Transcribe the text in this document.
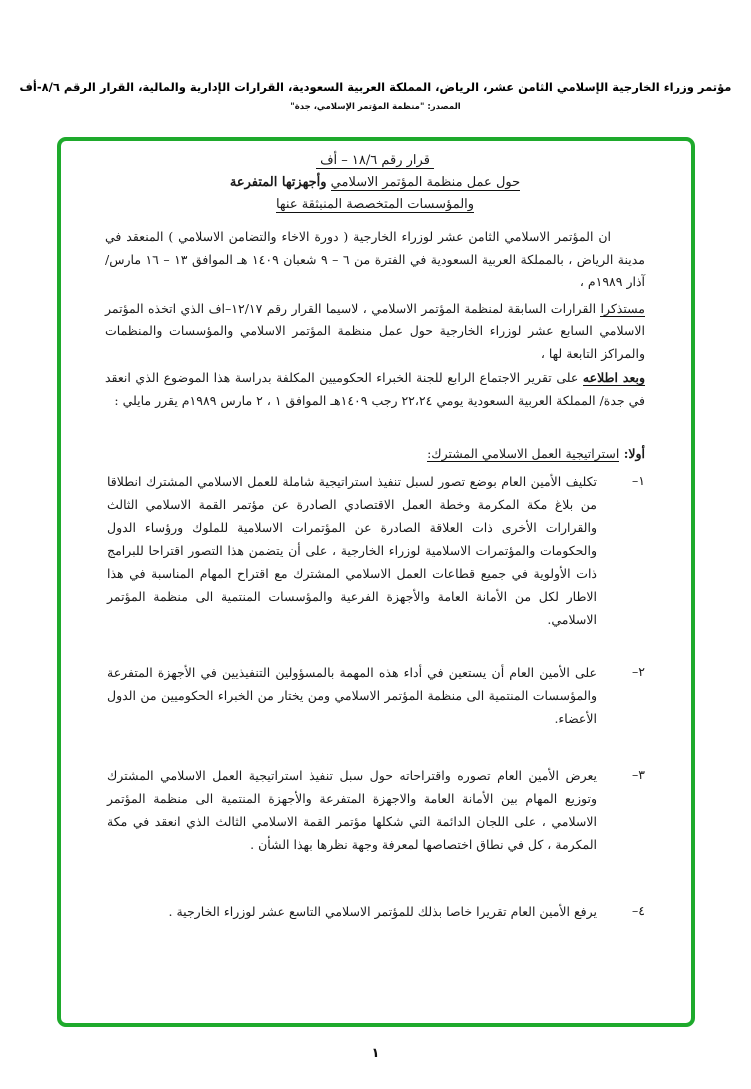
مؤتمر وزراء الخارجية الإسلامي الثامن عشر، الرياض، المملكة العربية السعودية، القرارات الإدارية والمالية، القرار الرقم ٨/٦-أف
المصدر: "منظمة المؤتمر الإسلامي، جدة"
قرار رقم ١٨/٦ – أف
حول عمل منظمة المؤتمر الاسلامي وأجهزتها المتفرعة
والمؤسسات المتخصصة المنبثقة عنها
ان المؤتمر الاسلامي الثامن عشر لوزراء الخارجية ( دورة الاخاء والتضامن الاسلامي ) المنعقد في مدينة الرياض ، بالمملكة العربية السعودية في الفترة من ٦ – ٩ شعبان ١٤٠٩ هـ الموافق ١٣ – ١٦ مارس/ آذار ١٩٨٩م ،
مستذكرا القرارات السابقة لمنظمة المؤتمر الاسلامي ، لاسيما القرار رقم ١٢/١٧–اف الذي اتخذه المؤتمر الاسلامي السابع عشر لوزراء الخارجية حول عمل منظمة المؤتمر الاسلامي والمؤسسات والمنظمات والمراكز التابعة لها ،
وبعد اطلاعه على تقرير الاجتماع الرابع للجنة الخبراء الحكوميين المكلفة بدراسة هذا الموضوع الذي انعقد في جدة/ المملكة العربية السعودية يومي ٢٢،٢٤ رجب ١٤٠٩هـ الموافق ١ ، ٢ مارس ١٩٨٩م يقرر مايلي :
أولا: استراتيجية العمل الاسلامي المشترك:
١–
تكليف الأمين العام بوضع تصور لسبل تنفيذ استراتيجية شاملة للعمل الاسلامي المشترك انطلاقا من بلاغ مكة المكرمة وخطة العمل الاقتصادي الصادرة عن مؤتمر القمة الاسلامي الثالث والقرارات الأخرى ذات العلاقة الصادرة عن المؤتمرات الاسلامية للملوك ورؤساء الدول والحكومات والمؤتمرات الاسلامية لوزراء الخارجية ، على أن يتضمن هذا التصور اقتراحا للبرامج ذات الأولوية في جميع قطاعات العمل الاسلامي المشترك مع اقتراح المهام المناسبة في هذا الاطار لكل من الأمانة العامة والأجهزة الفرعية والمؤسسات المنتمية الى منظمة المؤتمر الاسلامي.
٢–
على الأمين العام أن يستعين في أداء هذه المهمة بالمسؤولين التنفيذيين في الأجهزة المتفرعة والمؤسسات المنتمية الى منظمة المؤتمر الاسلامي ومن يختار من الخبراء الحكوميين من الدول الأعضاء.
٣–
يعرض الأمين العام تصوره واقتراحاته حول سبل تنفيذ استراتيجية العمل الاسلامي المشترك وتوزيع المهام بين الأمانة العامة والاجهزة المتفرعة والأجهزة المنتمية الى منظمة المؤتمر الاسلامي ، على اللجان الدائمة التي شكلها مؤتمر القمة الاسلامي الثالث الذي انعقد في مكة المكرمة ، كل في نطاق اختصاصها لمعرفة وجهة نظرها بهذا الشأن .
٤–
يرفع الأمين العام تقريرا خاصا بذلك للمؤتمر الاسلامي التاسع عشر لوزراء الخارجية .
١
